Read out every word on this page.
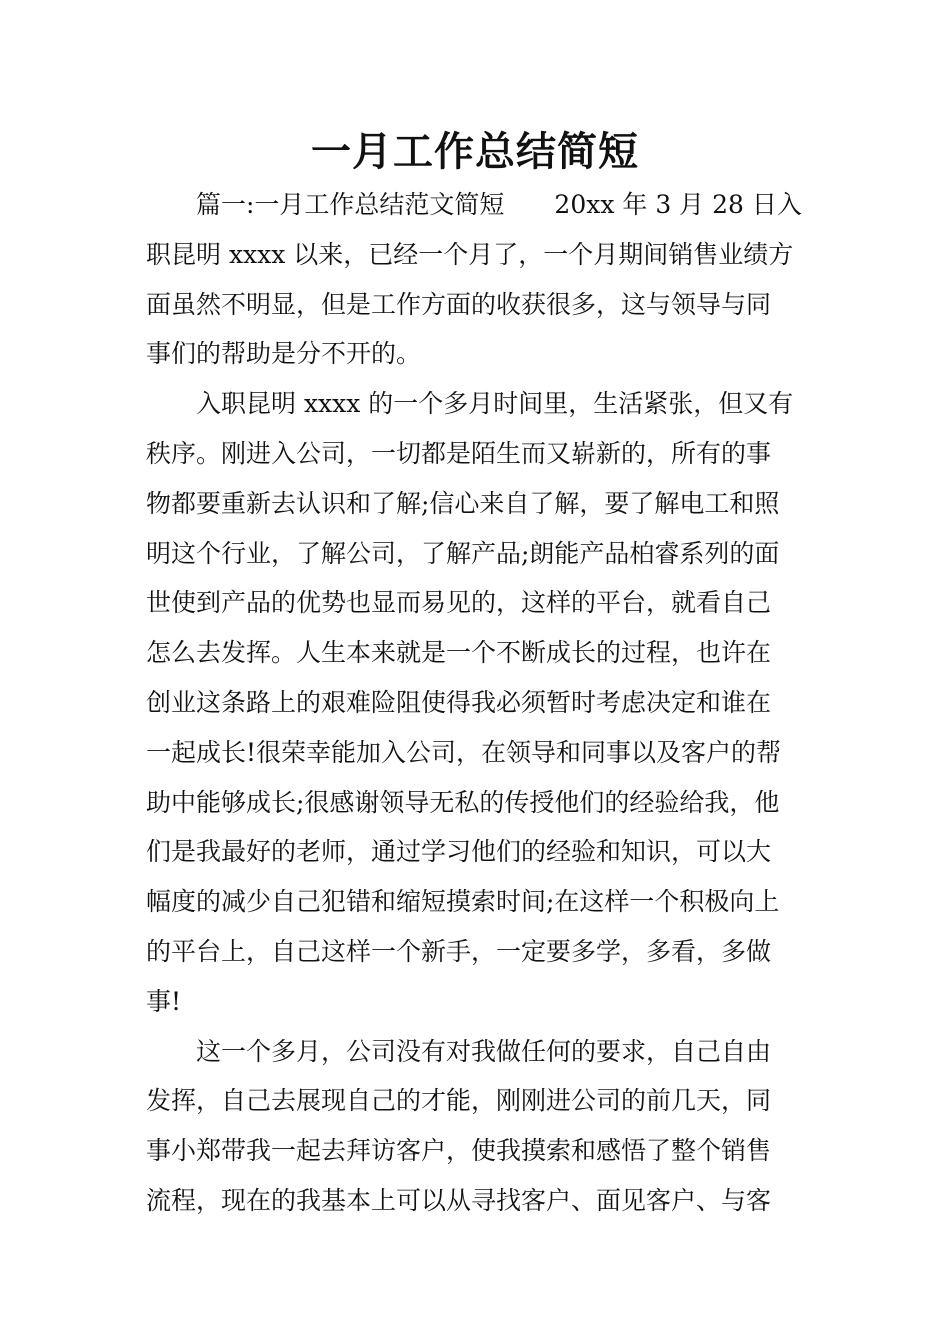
一月工作总结简短

　　篇一:一月工作总结范文简短　　20xx 年 3 月 28 日入

职昆明 xxxx 以来，已经一个月了，一个月期间销售业绩方

面虽然不明显，但是工作方面的收获很多，这与领导与同

事们的帮助是分不开的。

　　入职昆明 xxxx 的一个多月时间里，生活紧张，但又有

秩序。刚进入公司，一切都是陌生而又崭新的，所有的事

物都要重新去认识和了解;信心来自了解，要了解电工和照

明这个行业，了解公司，了解产品;朗能产品柏睿系列的面

世使到产品的优势也显而易见的，这样的平台，就看自己

怎么去发挥。人生本来就是一个不断成长的过程，也许在

创业这条路上的艰难险阻使得我必须暂时考虑决定和谁在

一起成长!很荣幸能加入公司，在领导和同事以及客户的帮

助中能够成长;很感谢领导无私的传授他们的经验给我，他

们是我最好的老师，通过学习他们的经验和知识，可以大

幅度的减少自己犯错和缩短摸索时间;在这样一个积极向上

的平台上，自己这样一个新手，一定要多学，多看，多做

事!

　　这一个多月，公司没有对我做任何的要求，自己自由

发挥，自己去展现自己的才能，刚刚进公司的前几天，同

事小郑带我一起去拜访客户，使我摸索和感悟了整个销售

流程，现在的我基本上可以从寻找客户、面见客户、与客
